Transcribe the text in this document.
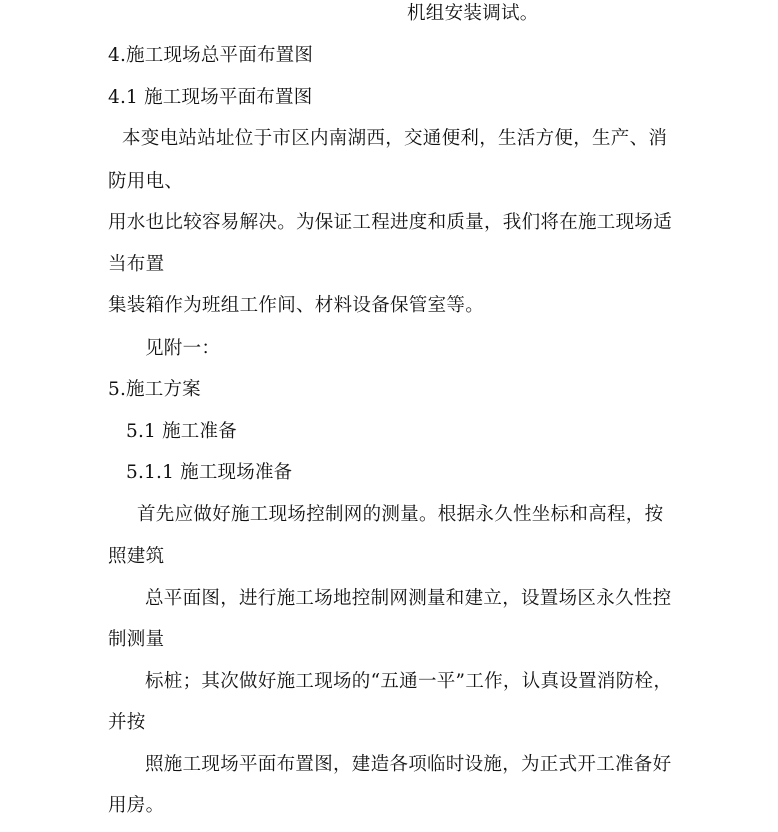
机组安装调试。
4.施工现场总平面布置图
4.1 施工现场平面布置图
本变电站站址位于市区内南湖西，交通便利，生活方便，生产、消
防用电、
用水也比较容易解决。为保证工程进度和质量，我们将在施工现场适
当布置
集装箱作为班组工作间、材料设备保管室等。
见附一：
5.施工方案
5.1 施工准备
5.1.1 施工现场准备
首先应做好施工现场控制网的测量。根据永久性坐标和高程，按
照建筑
总平面图，进行施工场地控制网测量和建立，设置场区永久性控
制测量
标桩；其次做好施工现场的“五通一平”工作，认真设置消防栓，
并按
照施工现场平面布置图，建造各项临时设施，为正式开工准备好
用房。
